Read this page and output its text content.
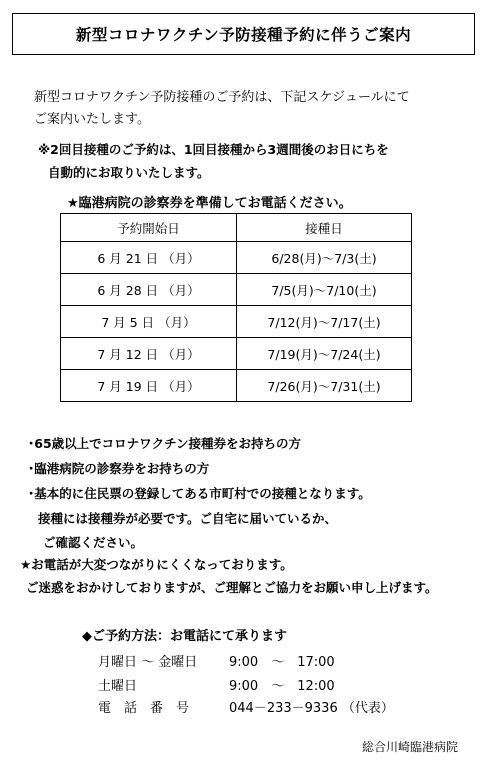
新型コロナワクチン予防接種予約に伴うご案内
新型コロナワクチン予防接種のご予約は、下記スケジュールにて
ご案内いたします。
※2回目接種のご予約は、1回目接種から3週間後のお日にちを
自動的にお取りいたします。
★臨港病院の診察券を準備してお電話ください。
予約開始日	接種日
6 月 21 日 （月）	6/28(月)～7/3(土)
6 月 28 日 （月）	7/5(月)～7/10(土)
7 月 5 日 （月）	7/12(月)～7/17(土)
7 月 12 日 （月）	7/19(月)～7/24(土)
7 月 19 日 （月）	7/26(月)～7/31(土)
･65歳以上でコロナワクチン接種券をお持ちの方
･臨港病院の診察券をお持ちの方
･基本的に住民票の登録してある市町村での接種となります。
接種には接種券が必要です。ご自宅に届いているか、
ご確認ください。
★お電話が大変つながりにくくなっております。
ご迷惑をおかけしておりますが、ご理解とご協力をお願い申し上げます。
◆ご予約方法：お電話にて承ります
月曜日 ～ 金曜日 9:00　～　17:00
土曜日	9:00　～　12:00
電　話　番　号	044－233－9336 （代表）
総合川崎臨港病院
